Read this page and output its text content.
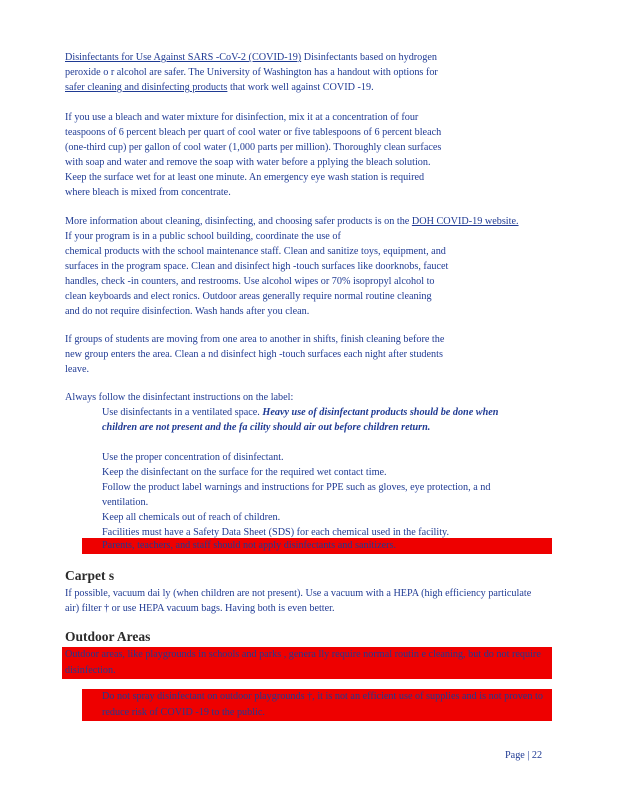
Disinfectants for Use Against SARS -CoV-2 (COVID-19) Disinfectants based on hydrogen

peroxide o r alcohol are safer. The University of Washington has a handout with options for

safer cleaning and disinfecting products that work well against COVID -19.

If you use a bleach and water mixture for disinfection, mix it at a concentration of four

teaspoons of 6 percent bleach per quart of cool water or five tablespoons of 6 percent bleach

(one-third cup) per gallon of cool water (1,000 parts per million). Thoroughly clean surfaces

with soap and water and remove the soap with water before a pplying the bleach solution.

Keep the surface wet for at least one minute. An emergency eye wash station is required

where bleach is mixed from concentrate.

More information about cleaning, disinfecting, and choosing safer products is on the DOH COVID-19 website. If your program is in a public school building, coordinate the use of

chemical products with the school maintenance staff. Clean and sanitize toys, equipment, and

surfaces in the program space. Clean and disinfect high -touch surfaces like doorknobs, faucet

handles, check -in counters, and restrooms. Use alcohol wipes or 70% isopropyl alcohol to

clean keyboards and elect ronics. Outdoor areas generally require normal routine cleaning

and do not require disinfection. Wash hands after you clean.

If groups of students are moving from one area to another in shifts, finish cleaning before the

new group enters the area. Clean a nd disinfect high -touch surfaces each night after students

leave.

Always follow the disinfectant instructions on the label:
Use disinfectants in a ventilated space. Heavy use of disinfectant products should be done when children are not present and the fa cility should air out before children return.
Use the proper concentration of disinfectant.
Keep the disinfectant on the surface for the required wet contact time.
Follow the product label warnings and instructions for PPE such as gloves, eye protection, a nd ventilation.
Keep all chemicals out of reach of children.
Facilities must have a Safety Data Sheet (SDS) for each chemical used in the facility.
Parents, teachers, and staff should not apply disinfectants and sanitizers.
Carpet s
If possible, vacuum dai ly (when children are not present). Use a vacuum with a HEPA (high efficiency particulate air) filter † or use HEPA vacuum bags. Having both is even better.
Outdoor Areas
Outdoor areas, like playgrounds in schools and parks , genera lly require normal routin e cleaning, but do not require disinfection.
Do not spray disinfectant on outdoor playgrounds †, it is not an efficient use of supplies and is not proven to reduce risk of COVID -19 to the public.
Page | 22
